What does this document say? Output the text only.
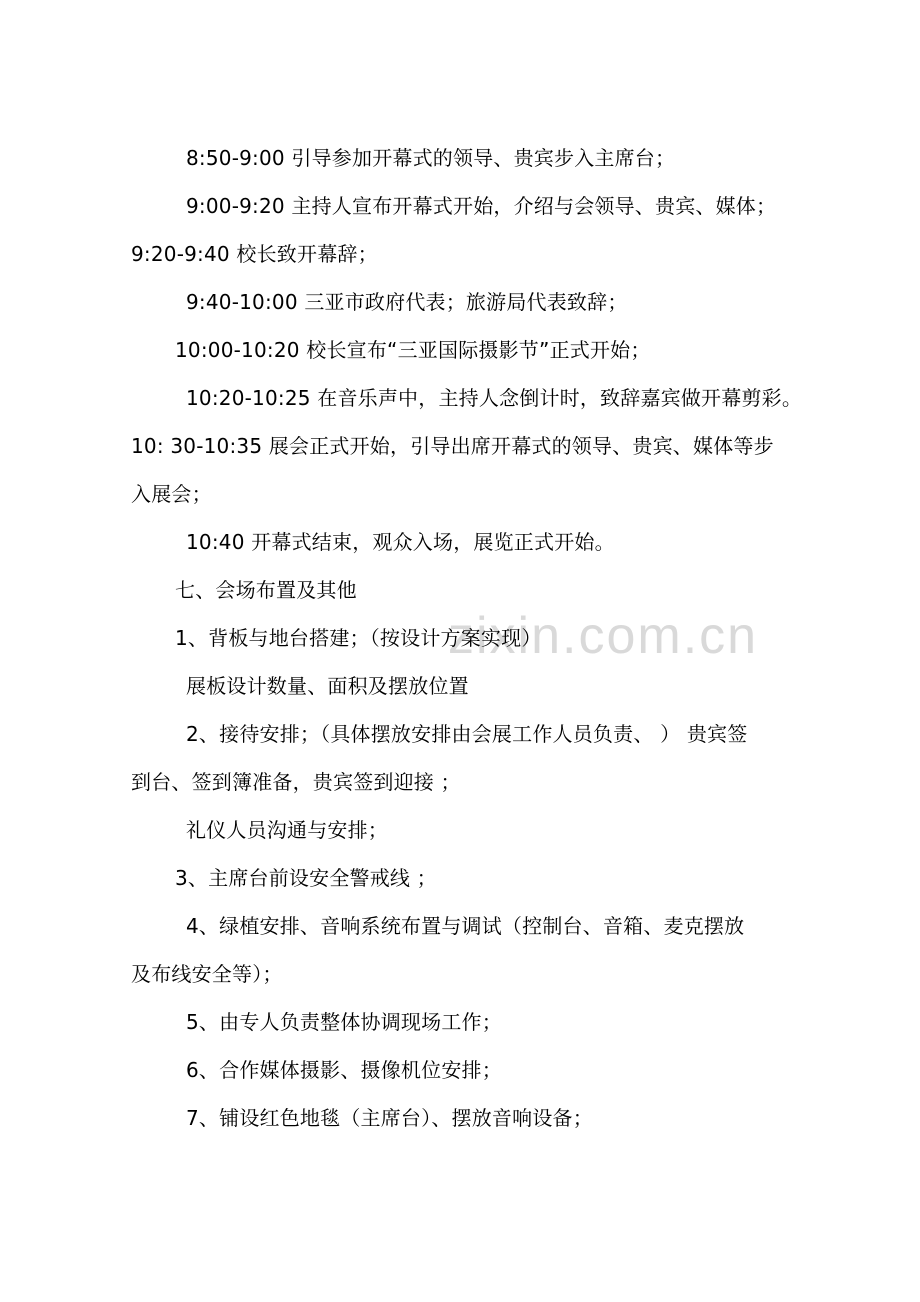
zixin.com.cn
8:50-9:00 引导参加开幕式的领导、贵宾步入主席台；
9:00-9:20 主持人宣布开幕式开始，介绍与会领导、贵宾、媒体；
9:20-9:40 校长致开幕辞；
9:40-10:00 三亚市政府代表；旅游局代表致辞；
10:00-10:20 校长宣布“三亚国际摄影节”正式开始；
10:20-10:25 在音乐声中，主持人念倒计时，致辞嘉宾做开幕剪彩。
10: 30-10:35 展会正式开始，引导出席开幕式的领导、贵宾、媒体等步
入展会；
10:40 开幕式结束，观众入场，展览正式开始。
七、会场布置及其他
1、背板与地台搭建；（按设计方案实现）
展板设计数量、面积及摆放位置
2、接待安排；（具体摆放安排由会展工作人员负责、 ） 贵宾签
到台、签到簿准备，贵宾签到迎接 ；
礼仪人员沟通与安排；
3、主席台前设安全警戒线 ；
4、绿植安排、音响系统布置与调试（控制台、音箱、麦克摆放
及布线安全等）；
5、由专人负责整体协调现场工作；
6、合作媒体摄影、摄像机位安排；
7、铺设红色地毯（主席台）、摆放音响设备；
